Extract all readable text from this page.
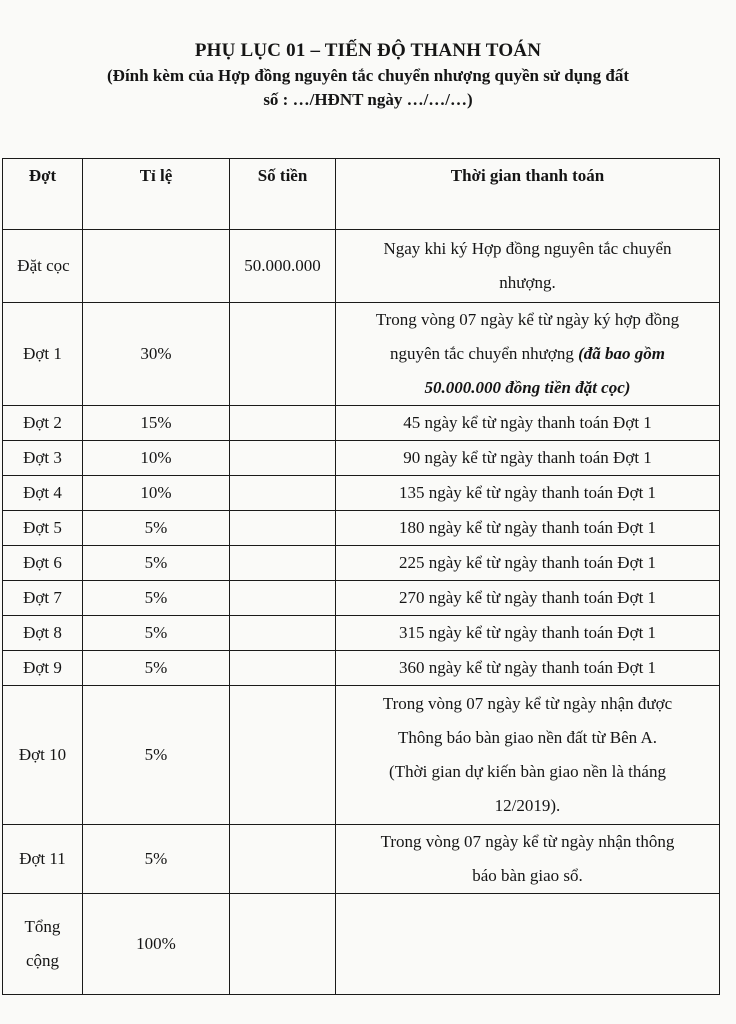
PHỤ LỤC 01 – TIẾN ĐỘ THANH TOÁN
(Đính kèm của Hợp đồng nguyên tắc chuyển nhượng quyền sử dụng đất
số : …/HĐNT ngày …/…/…)
Đợt	Tỉ lệ	Số tiền	Thời gian thanh toán
Đặt cọc		50.000.000	Ngay khi ký Hợp đồng nguyên tắc chuyển
nhượng.

Đợt 1	30%		Trong vòng 07 ngày kể từ ngày ký hợp đồng
nguyên tắc chuyển nhượng (đã bao gồm
50.000.000 đồng tiền đặt cọc)

Đợt 2	15%		45 ngày kể từ ngày thanh toán Đợt 1
Đợt 3	10%		90 ngày kể từ ngày thanh toán Đợt 1
Đợt 4	10%		135 ngày kể từ ngày thanh toán Đợt 1
Đợt 5	5%		180 ngày kể từ ngày thanh toán Đợt 1
Đợt 6	5%		225 ngày kể từ ngày thanh toán Đợt 1
Đợt 7	5%		270 ngày kể từ ngày thanh toán Đợt 1
Đợt 8	5%		315 ngày kể từ ngày thanh toán Đợt 1
Đợt 9	5%		360 ngày kể từ ngày thanh toán Đợt 1
Đợt 10	5%		Trong vòng 07 ngày kể từ ngày nhận được
Thông báo bàn giao nền đất từ Bên A.
(Thời gian dự kiến bàn giao nền là tháng
12/2019).

Đợt 11	5%		Trong vòng 07 ngày kể từ ngày nhận thông
báo bàn giao sổ.

Tổng
cộng	100%		
